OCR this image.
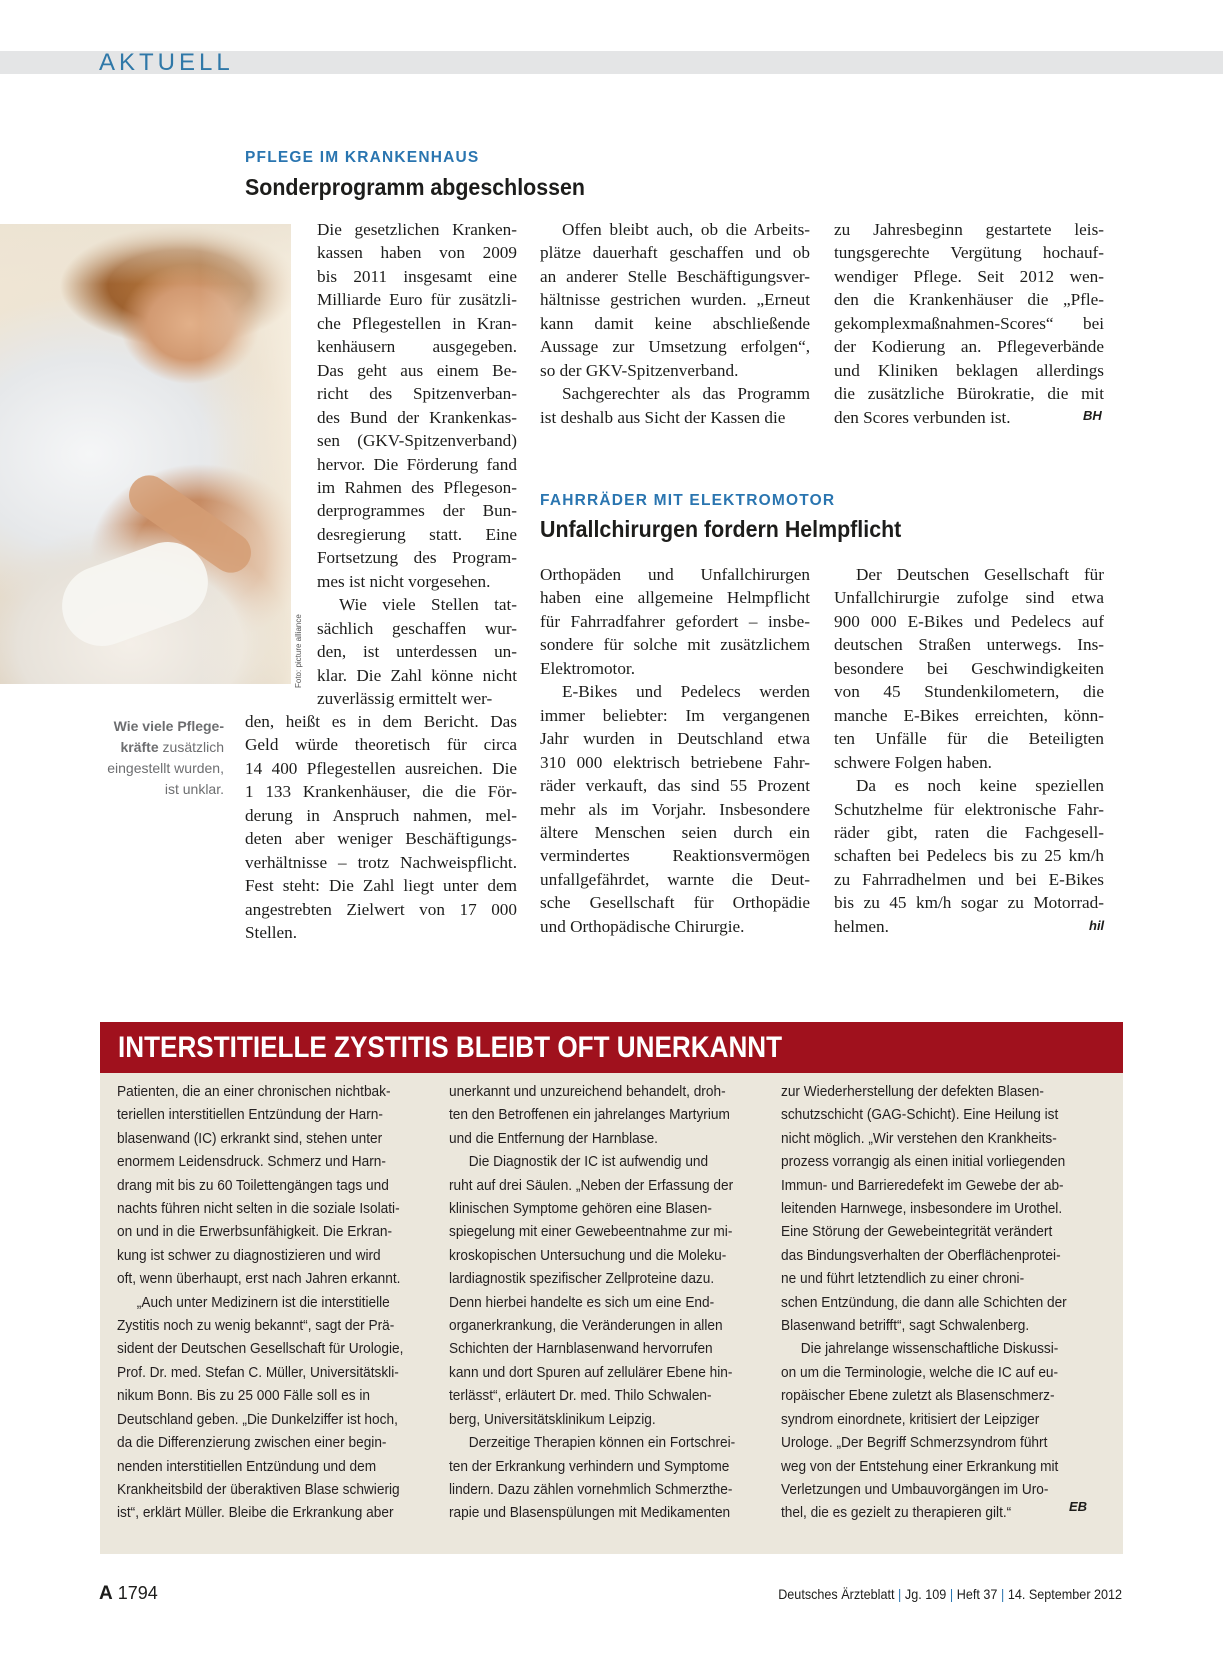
AKTUELL
PFLEGE IM KRANKENHAUS
Sonderprogramm abgeschlossen
Foto: picture alliance
Wie viele Pflege-kräfte zusätzlich eingestellt wurden, ist unklar.
Die gesetzlichen Kranken-
kassen haben von 2009
bis 2011 insgesamt eine
Milliarde Euro für zusätzli-
che Pflegestellen in Kran-
kenhäusern ausgegeben.
Das geht aus einem Be-
richt des Spitzenverban-
des Bund der Krankenkas-
sen (GKV-Spitzenverband)
hervor. Die Förderung fand
im Rahmen des Pflegeson-
derprogrammes der Bun-
desregierung statt. Eine
Fortsetzung des Program-
mes ist nicht vorgesehen.
Wie viele Stellen tat-
sächlich geschaffen wur-
den, ist unterdessen un-
klar. Die Zahl könne nicht
zuverlässig ermittelt wer-
den, heißt es in dem Bericht. Das
Geld würde theoretisch für circa
14 400 Pflegestellen ausreichen. Die
1 133 Krankenhäuser, die die För-
derung in Anspruch nahmen, mel-
deten aber weniger Beschäftigungs-
verhältnisse – trotz Nachweispflicht.
Fest steht: Die Zahl liegt unter dem
angestrebten Zielwert von 17 000
Stellen.
Offen bleibt auch, ob die Arbeits-
plätze dauerhaft geschaffen und ob
an anderer Stelle Beschäftigungsver-
hältnisse gestrichen wurden. „Erneut
kann damit keine abschließende
Aussage zur Umsetzung erfolgen“,
so der GKV-Spitzenverband.
Sachgerechter als das Programm
ist deshalb aus Sicht der Kassen die
zu Jahresbeginn gestartete leis-
tungsgerechte Vergütung hochauf-
wendiger Pflege. Seit 2012 wen-
den die Krankenhäuser die „Pfle-
gekomplexmaßnahmen-Scores“ bei
der Kodierung an. Pflegeverbände
und Kliniken beklagen allerdings
die zusätzliche Bürokratie, die mit
den Scores verbunden ist.	BH
FAHRRÄDER MIT ELEKTROMOTOR
Unfallchirurgen fordern Helmpflicht
Orthopäden und Unfallchirurgen
haben eine allgemeine Helmpflicht
für Fahrradfahrer gefordert – insbe-
sondere für solche mit zusätzlichem
Elektromotor.
E-Bikes und Pedelecs werden
immer beliebter: Im vergangenen
Jahr wurden in Deutschland etwa
310 000 elektrisch betriebene Fahr-
räder verkauft, das sind 55 Prozent
mehr als im Vorjahr. Insbesondere
ältere Menschen seien durch ein
vermindertes Reaktionsvermögen
unfallgefährdet, warnte die Deut-
sche Gesellschaft für Orthopädie
und Orthopädische Chirurgie.
Der Deutschen Gesellschaft für
Unfallchirurgie zufolge sind etwa
900 000 E-Bikes und Pedelecs auf
deutschen Straßen unterwegs. Ins-
besondere bei Geschwindigkeiten
von 45 Stundenkilometern, die
manche E-Bikes erreichten, könn-
ten Unfälle für die Beteiligten
schwere Folgen haben.
Da es noch keine speziellen
Schutzhelme für elektronische Fahr-
räder gibt, raten die Fachgesell-
schaften bei Pedelecs bis zu 25 km/h
zu Fahrradhelmen und bei E-Bikes
bis zu 45 km/h sogar zu Motorrad-
helmen.	hil
INTERSTITIELLE ZYSTITIS BLEIBT OFT UNERKANNT
Patienten, die an einer chronischen nichtbak-
teriellen interstitiellen Entzündung der Harn-
blasenwand (IC) erkrankt sind, stehen unter
enormem Leidensdruck. Schmerz und Harn-
drang mit bis zu 60 Toilettengängen tags und
nachts führen nicht selten in die soziale Isolati-
on und in die Erwerbsunfähigkeit. Die Erkran-
kung ist schwer zu diagnostizieren und wird
oft, wenn überhaupt, erst nach Jahren erkannt.
„Auch unter Medizinern ist die interstitielle
Zystitis noch zu wenig bekannt“, sagt der Prä-
sident der Deutschen Gesellschaft für Urologie,
Prof. Dr. med. Stefan C. Müller, Universitätskli-
nikum Bonn. Bis zu 25 000 Fälle soll es in
Deutschland geben. „Die Dunkelziffer ist hoch,
da die Differenzierung zwischen einer begin-
nenden interstitiellen Entzündung und dem
Krankheitsbild der überaktiven Blase schwierig
ist“, erklärt Müller. Bleibe die Erkrankung aber
unerkannt und unzureichend behandelt, droh-
ten den Betroffenen ein jahrelanges Martyrium
und die Entfernung der Harnblase.
Die Diagnostik der IC ist aufwendig und
ruht auf drei Säulen. „Neben der Erfassung der
klinischen Symptome gehören eine Blasen-
spiegelung mit einer Gewebeentnahme zur mi-
kroskopischen Untersuchung und die Moleku-
lardiagnostik spezifischer Zellproteine dazu.
Denn hierbei handelte es sich um eine End-
organerkrankung, die Veränderungen in allen
Schichten der Harnblasenwand hervorrufen
kann und dort Spuren auf zellulärer Ebene hin-
terlässt“, erläutert Dr. med. Thilo Schwalen-
berg, Universitätsklinikum Leipzig.
Derzeitige Therapien können ein Fortschrei-
ten der Erkrankung verhindern und Symptome
lindern. Dazu zählen vornehmlich Schmerzthe-
rapie und Blasenspülungen mit Medikamenten
zur Wiederherstellung der defekten Blasen-
schutzschicht (GAG-Schicht). Eine Heilung ist
nicht möglich. „Wir verstehen den Krankheits-
prozess vorrangig als einen initial vorliegenden
Immun- und Barrieredefekt im Gewebe der ab-
leitenden Harnwege, insbesondere im Urothel.
Eine Störung der Gewebeintegrität verändert
das Bindungsverhalten der Oberflächenprotei-
ne und führt letztendlich zu einer chroni-
schen Entzündung, die dann alle Schichten der
Blasenwand betrifft“, sagt Schwalenberg.
Die jahrelange wissenschaftliche Diskussi-
on um die Terminologie, welche die IC auf eu-
ropäischer Ebene zuletzt als Blasenschmerz-
syndrom einordnete, kritisiert der Leipziger
Urologe. „Der Begriff Schmerzsyndrom führt
weg von der Entstehung einer Erkrankung mit
Verletzungen und Umbauvorgängen im Uro-
thel, die es gezielt zu therapieren gilt.“	EB
A 1794	Deutsches Ärzteblatt | Jg. 109 | Heft 37 | 14. September 2012
